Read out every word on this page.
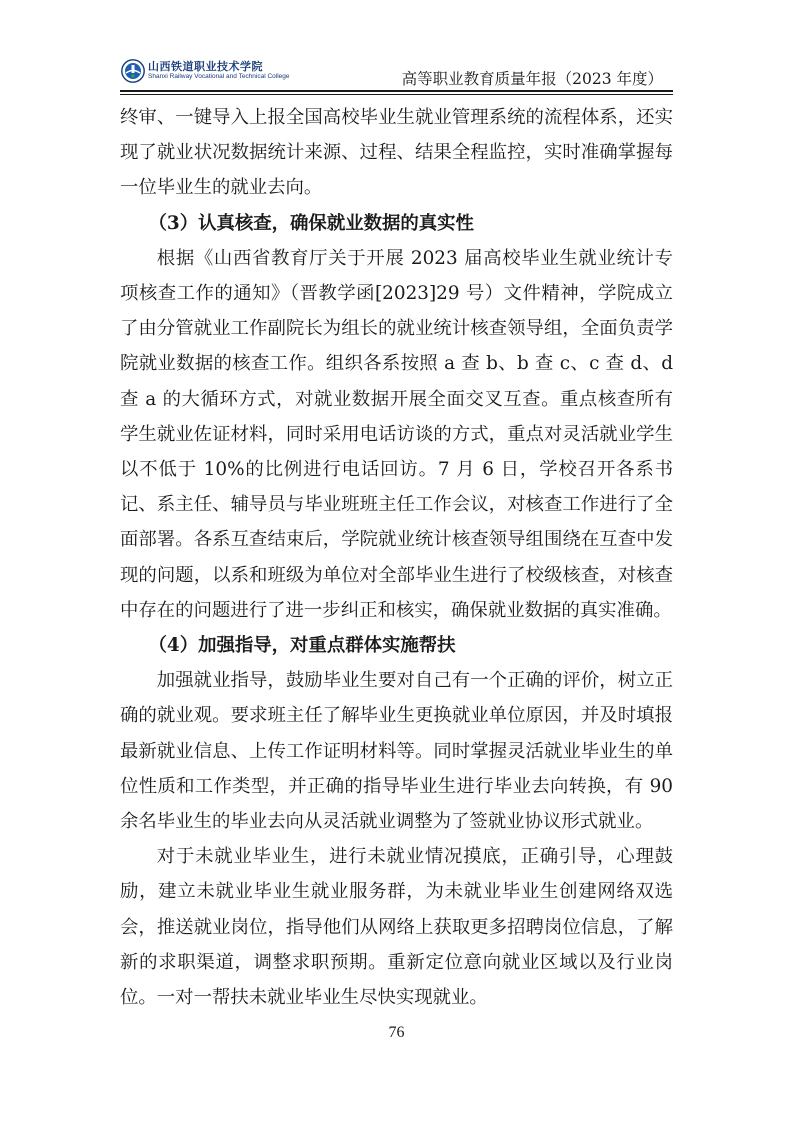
山西铁道职业技术学院
Shanxi Railway Vocational and Technical College	高等职业教育质量年报（2023 年度）

终审、一键导入上报全国高校毕业生就业管理系统的流程体系，还实现了就业状况数据统计来源、过程、结果全程监控，实时准确掌握每一位毕业生的就业去向。

（3）认真核查，确保就业数据的真实性

根据《山西省教育厅关于开展 2023 届高校毕业生就业统计专项核查工作的通知》（晋教学函[2023]29 号）文件精神，学院成立了由分管就业工作副院长为组长的就业统计核查领导组，全面负责学院就业数据的核查工作。组织各系按照 a 查 b、b 查 c、c 查 d、d 查 a 的大循环方式，对就业数据开展全面交叉互查。重点核查所有学生就业佐证材料，同时采用电话访谈的方式，重点对灵活就业学生以不低于 10%的比例进行电话回访。7 月 6 日，学校召开各系书记、系主任、辅导员与毕业班班主任工作会议，对核查工作进行了全面部署。各系互查结束后，学院就业统计核查领导组围绕在互查中发现的问题，以系和班级为单位对全部毕业生进行了校级核查，对核查中存在的问题进行了进一步纠正和核实，确保就业数据的真实准确。

（4）加强指导，对重点群体实施帮扶

加强就业指导，鼓励毕业生要对自己有一个正确的评价，树立正确的就业观。要求班主任了解毕业生更换就业单位原因，并及时填报最新就业信息、上传工作证明材料等。同时掌握灵活就业毕业生的单位性质和工作类型，并正确的指导毕业生进行毕业去向转换，有 90 余名毕业生的毕业去向从灵活就业调整为了签就业协议形式就业。

对于未就业毕业生，进行未就业情况摸底，正确引导，心理鼓励，建立未就业毕业生就业服务群，为未就业毕业生创建网络双选会，推送就业岗位，指导他们从网络上获取更多招聘岗位信息，了解新的求职渠道，调整求职预期。重新定位意向就业区域以及行业岗位。一对一帮扶未就业毕业生尽快实现就业。

76
